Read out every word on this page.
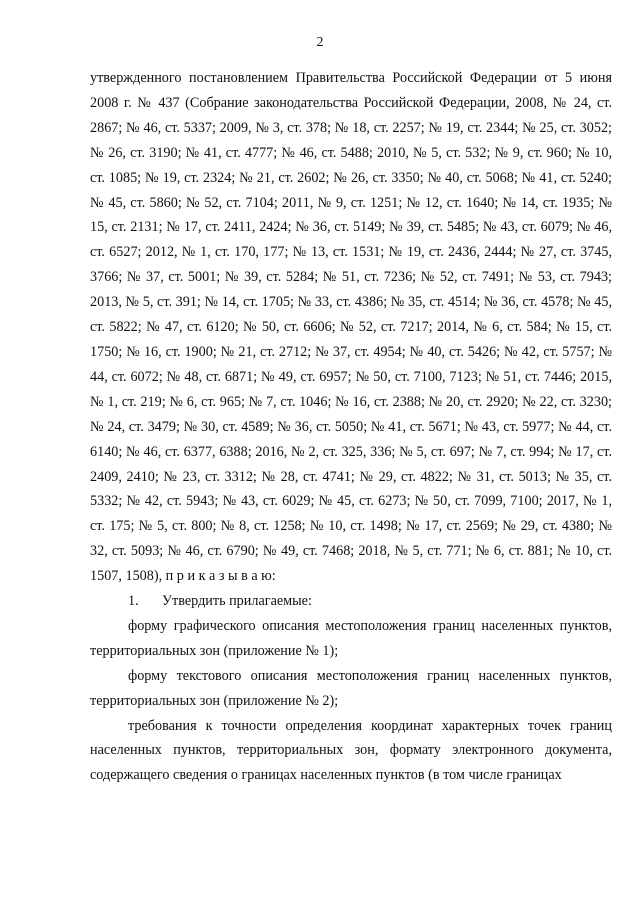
2

утвержденного постановлением Правительства Российской Федерации от 5 июня 2008 г. № 437 (Собрание законодательства Российской Федерации, 2008, № 24, ст. 2867; № 46, ст. 5337; 2009, № 3, ст. 378; № 18, ст. 2257; № 19, ст. 2344; № 25, ст. 3052; № 26, ст. 3190; № 41, ст. 4777; № 46, ст. 5488; 2010, № 5, ст. 532; № 9, ст. 960; № 10, ст. 1085; № 19, ст. 2324; № 21, ст. 2602; № 26, ст. 3350; № 40, ст. 5068; № 41, ст. 5240; № 45, ст. 5860; № 52, ст. 7104; 2011, № 9, ст. 1251; № 12, ст. 1640; № 14, ст. 1935; № 15, ст. 2131; № 17, ст. 2411, 2424; № 36, ст. 5149; № 39, ст. 5485; № 43, ст. 6079; № 46, ст. 6527; 2012, № 1, ст. 170, 177; № 13, ст. 1531; № 19, ст. 2436, 2444; № 27, ст. 3745, 3766; № 37, ст. 5001; № 39, ст. 5284; № 51, ст. 7236; № 52, ст. 7491; № 53, ст. 7943; 2013, № 5, ст. 391; № 14, ст. 1705; № 33, ст. 4386; № 35, ст. 4514; № 36, ст. 4578; № 45, ст. 5822; № 47, ст. 6120; № 50, ст. 6606; № 52, ст. 7217; 2014, № 6, ст. 584; № 15, ст. 1750; № 16, ст. 1900; № 21, ст. 2712; № 37, ст. 4954; № 40, ст. 5426; № 42, ст. 5757; № 44, ст. 6072; № 48, ст. 6871; № 49, ст. 6957; № 50, ст. 7100, 7123; № 51, ст. 7446; 2015, № 1, ст. 219; № 6, ст. 965; № 7, ст. 1046; № 16, ст. 2388; № 20, ст. 2920; № 22, ст. 3230; № 24, ст. 3479; № 30, ст. 4589; № 36, ст. 5050; № 41, ст. 5671; № 43, ст. 5977; № 44, ст. 6140; № 46, ст. 6377, 6388; 2016, № 2, ст. 325, 336; № 5, ст. 697; № 7, ст. 994; № 17, ст. 2409, 2410; № 23, ст. 3312; № 28, ст. 4741; № 29, ст. 4822; № 31, ст. 5013; № 35, ст. 5332; № 42, ст. 5943; № 43, ст. 6029; № 45, ст. 6273; № 50, ст. 7099, 7100; 2017, № 1, ст. 175; № 5, ст. 800; № 8, ст. 1258; № 10, ст. 1498; № 17, ст. 2569; № 29, ст. 4380; № 32, ст. 5093; № 46, ст. 6790; № 49, ст. 7468; 2018, № 5, ст. 771; № 6, ст. 881; № 10, ст. 1507, 1508), п р и к а з ы в а ю:

1. Утвердить прилагаемые:

форму графического описания местоположения границ населенных пунктов, территориальных зон (приложение № 1);

форму текстового описания местоположения границ населенных пунктов, территориальных зон (приложение № 2);

требования к точности определения координат характерных точек границ населенных пунктов, территориальных зон, формату электронного документа, содержащего сведения о границах населенных пунктов (в том числе границах
